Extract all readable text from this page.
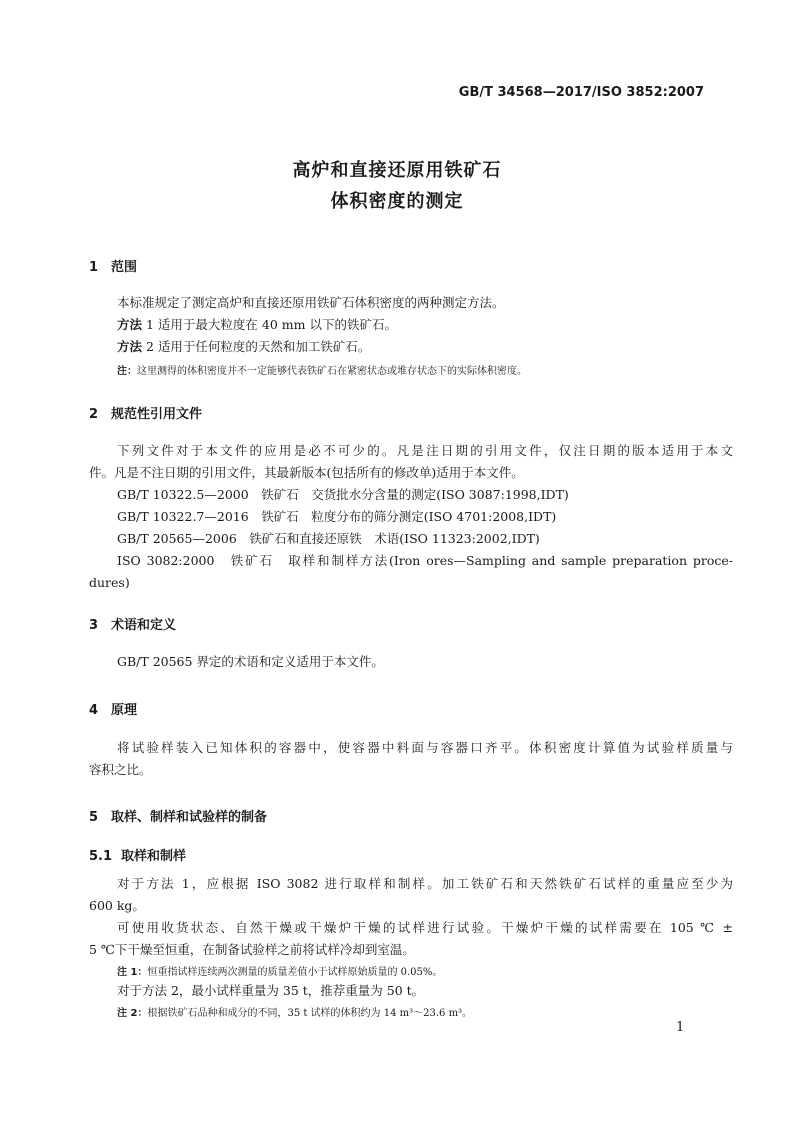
GB/T 34568—2017/ISO 3852:2007
高炉和直接还原用铁矿石
体积密度的测定
1 范围
本标准规定了测定高炉和直接还原用铁矿石体积密度的两种测定方法。
方法 1 适用于最大粒度在 40 mm 以下的铁矿石。
方法 2 适用于任何粒度的天然和加工铁矿石。
注：这里测得的体积密度并不一定能够代表铁矿石在紧密状态或堆存状态下的实际体积密度。
2 规范性引用文件
下列文件对于本文件的应用是必不可少的。凡是注日期的引用文件，仅注日期的版本适用于本文
件。凡是不注日期的引用文件，其最新版本(包括所有的修改单)适用于本文件。
GB/T 10322.5—2000　铁矿石　交货批水分含量的测定(ISO 3087:1998,IDT)
GB/T 10322.7—2016　铁矿石　粒度分布的筛分测定(ISO 4701:2008,IDT)
GB/T 20565—2006　铁矿石和直接还原铁　术语(ISO 11323:2002,IDT)
ISO 3082:2000　铁矿石　取样和制样方法(Iron ores—Sampling and sample preparation proce-
dures)
3 术语和定义
GB/T 20565 界定的术语和定义适用于本文件。
4 原理
将试验样装入已知体积的容器中，使容器中料面与容器口齐平。体积密度计算值为试验样质量与
容积之比。
5 取样、制样和试验样的制备
5.1 取样和制样
对于方法 1，应根据 ISO 3082 进行取样和制样。加工铁矿石和天然铁矿石试样的重量应至少为
600 kg。
可使用收货状态、自然干燥或干燥炉干燥的试样进行试验。干燥炉干燥的试样需要在 105 ℃ ±
5 ℃下干燥至恒重，在制备试验样之前将试样冷却到室温。
注 1：恒重指试样连续两次测量的质量差值小于试样原始质量的 0.05%。
对于方法 2，最小试样重量为 35 t，推荐重量为 50 t。
注 2：根据铁矿石品种和成分的不同，35 t 试样的体积约为 14 m³～23.6 m³。
1
